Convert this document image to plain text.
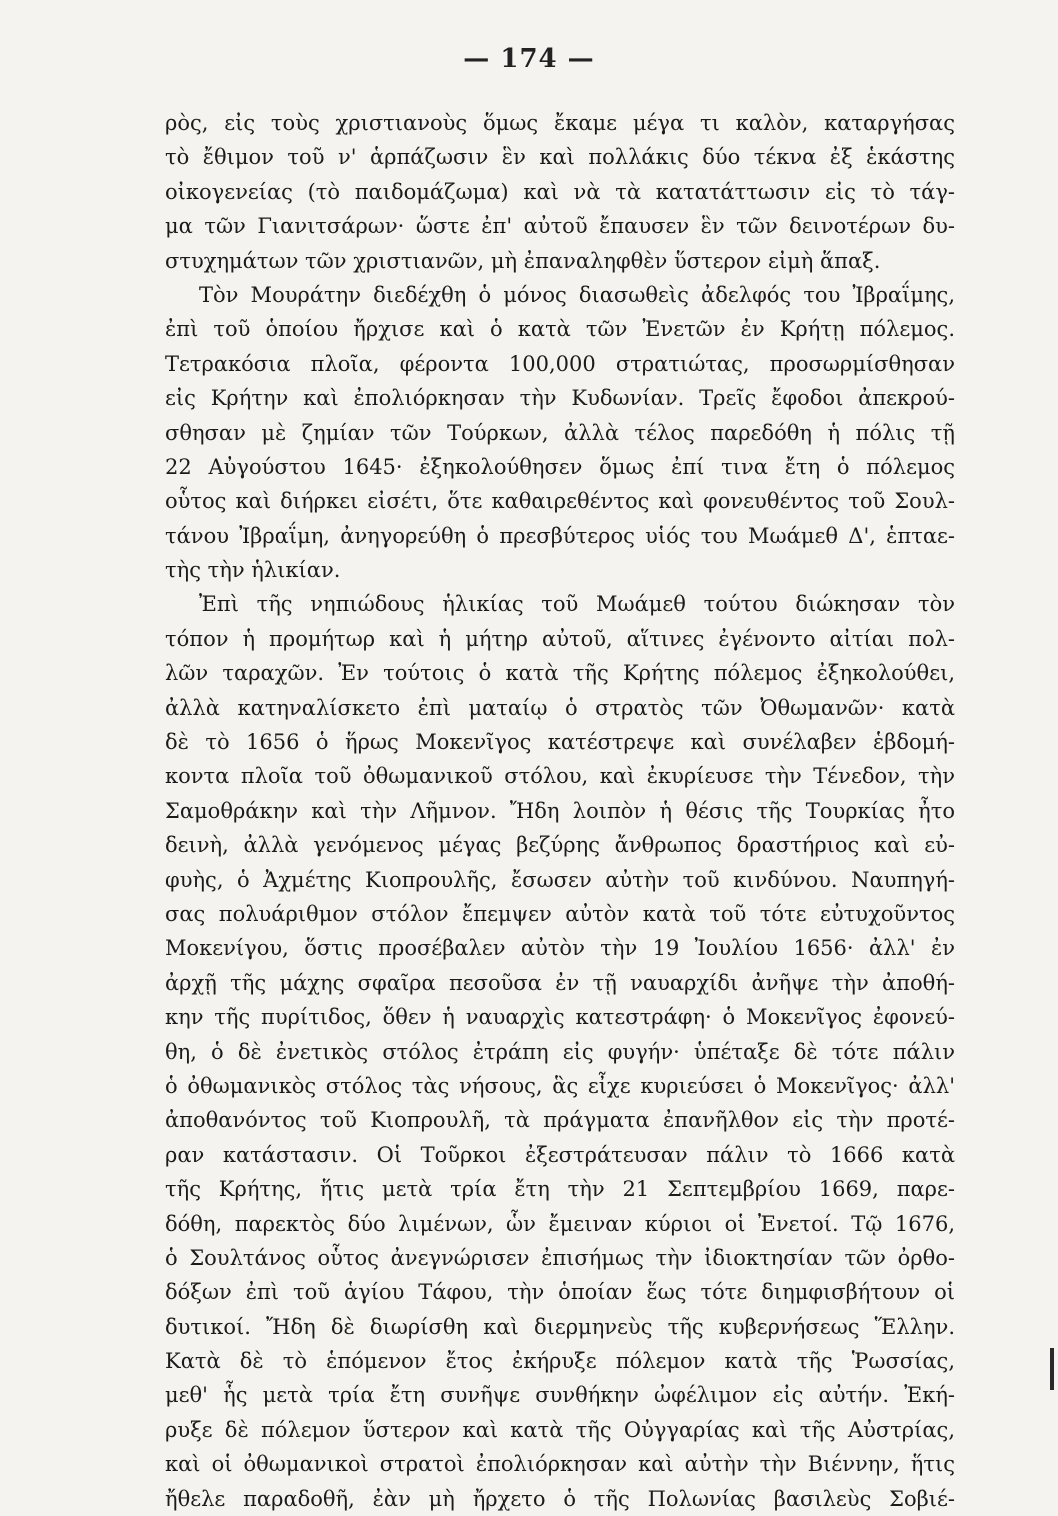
— 174 —
ρὸς, εἰς τοὺς χριστιανοὺς ὅμως ἔκαμε μέγα τι καλὸν, καταργήσας
τὸ ἔθιμον τοῦ ν' ἁρπάζωσιν ἓν καὶ πολλάκις δύο τέκνα ἐξ ἑκάστης
οἰκογενείας (τὸ παιδομάζωμα) καὶ νὰ τὰ κατατάττωσιν εἰς τὸ τάγ-
μα τῶν Γιανιτσάρων· ὥστε ἐπ' αὐτοῦ ἔπαυσεν ἓν τῶν δεινοτέρων δυ-
στυχημάτων τῶν χριστιανῶν, μὴ ἐπαναληφθὲν ὕστερον εἰμὴ ἅπαξ.
Τὸν Μουράτην διεδέχθη ὁ μόνος διασωθεὶς ἀδελφός του Ἰβραΐμης,
ἐπὶ τοῦ ὁποίου ἤρχισε καὶ ὁ κατὰ τῶν Ἐνετῶν ἐν Κρήτῃ πόλεμος.
Τετρακόσια πλοῖα, φέροντα 100,000 στρατιώτας, προσωρμίσθησαν
εἰς Κρήτην καὶ ἐπολιόρκησαν τὴν Κυδωνίαν. Τρεῖς ἔφοδοι ἀπεκρού-
σθησαν μὲ ζημίαν τῶν Τούρκων, ἀλλὰ τέλος παρεδόθη ἡ πόλις τῇ
22 Αὐγούστου 1645· ἐξηκολούθησεν ὅμως ἐπί τινα ἔτη ὁ πόλεμος
οὗτος καὶ διήρκει εἰσέτι, ὅτε καθαιρεθέντος καὶ φονευθέντος τοῦ Σουλ-
τάνου Ἰβραΐμη, ἀνηγορεύθη ὁ πρεσβύτερος υἱός του Μωάμεθ Δ', ἑπταε-
τὴς τὴν ἡλικίαν.
Ἐπὶ τῆς νηπιώδους ἡλικίας τοῦ Μωάμεθ τούτου διώκησαν τὸν
τόπον ἡ προμήτωρ καὶ ἡ μήτηρ αὐτοῦ, αἵτινες ἐγένοντο αἰτίαι πολ-
λῶν ταραχῶν. Ἐν τούτοις ὁ κατὰ τῆς Κρήτης πόλεμος ἐξηκολούθει,
ἀλλὰ κατηναλίσκετο ἐπὶ ματαίῳ ὁ στρατὸς τῶν Ὀθωμανῶν· κατὰ
δὲ τὸ 1656 ὁ ἥρως Μοκενῖγος κατέστρεψε καὶ συνέλαβεν ἑβδομή-
κοντα πλοῖα τοῦ ὀθωμανικοῦ στόλου, καὶ ἐκυρίευσε τὴν Τένεδον, τὴν
Σαμοθράκην καὶ τὴν Λῆμνον. Ἤδη λοιπὸν ἡ θέσις τῆς Τουρκίας ἦτο
δεινὴ, ἀλλὰ γενόμενος μέγας βεζύρης ἄνθρωπος δραστήριος καὶ εὐ-
φυὴς, ὁ Ἀχμέτης Κιοπρουλῆς, ἔσωσεν αὐτὴν τοῦ κινδύνου. Ναυπηγή-
σας πολυάριθμον στόλον ἔπεμψεν αὐτὸν κατὰ τοῦ τότε εὐτυχοῦντος
Μοκενίγου, ὅστις προσέβαλεν αὐτὸν τὴν 19 Ἰουλίου 1656· ἀλλ' ἐν
ἀρχῇ τῆς μάχης σφαῖρα πεσοῦσα ἐν τῇ ναυαρχίδι ἀνῆψε τὴν ἀποθή-
κην τῆς πυρίτιδος, ὅθεν ἡ ναυαρχὶς κατεστράφη· ὁ Μοκενῖγος ἐφονεύ-
θη, ὁ δὲ ἐνετικὸς στόλος ἐτράπη εἰς φυγήν· ὑπέταξε δὲ τότε πάλιν
ὁ ὀθωμανικὸς στόλος τὰς νήσους, ἃς εἶχε κυριεύσει ὁ Μοκενῖγος· ἀλλ'
ἀποθανόντος τοῦ Κιοπρουλῆ, τὰ πράγματα ἐπανῆλθον εἰς τὴν προτέ-
ραν κατάστασιν. Οἱ Τοῦρκοι ἐξεστράτευσαν πάλιν τὸ 1666 κατὰ
τῆς Κρήτης, ἥτις μετὰ τρία ἔτη τὴν 21 Σεπτεμβρίου 1669, παρε-
δόθη, παρεκτὸς δύο λιμένων, ὧν ἔμειναν κύριοι οἱ Ἐνετοί. Τῷ 1676,
ὁ Σουλτάνος οὗτος ἀνεγνώρισεν ἐπισήμως τὴν ἰδιοκτησίαν τῶν ὀρθο-
δόξων ἐπὶ τοῦ ἁγίου Τάφου, τὴν ὁποίαν ἕως τότε διημφισβήτουν οἱ
δυτικοί. Ἤδη δὲ διωρίσθη καὶ διερμηνεὺς τῆς κυβερνήσεως Ἕλλην.
Κατὰ δὲ τὸ ἑπόμενον ἔτος ἐκήρυξε πόλεμον κατὰ τῆς Ῥωσσίας,
μεθ' ἧς μετὰ τρία ἔτη συνῆψε συνθήκην ὠφέλιμον εἰς αὐτήν. Ἐκή-
ρυξε δὲ πόλεμον ὕστερον καὶ κατὰ τῆς Οὐγγαρίας καὶ τῆς Αὐστρίας,
καὶ οἱ ὀθωμανικοὶ στρατοὶ ἐπολιόρκησαν καὶ αὐτὴν τὴν Βιέννην, ἥτις
ἤθελε παραδοθῆ, ἐὰν μὴ ἤρχετο ὁ τῆς Πολωνίας βασιλεὺς Σοβιέ-
